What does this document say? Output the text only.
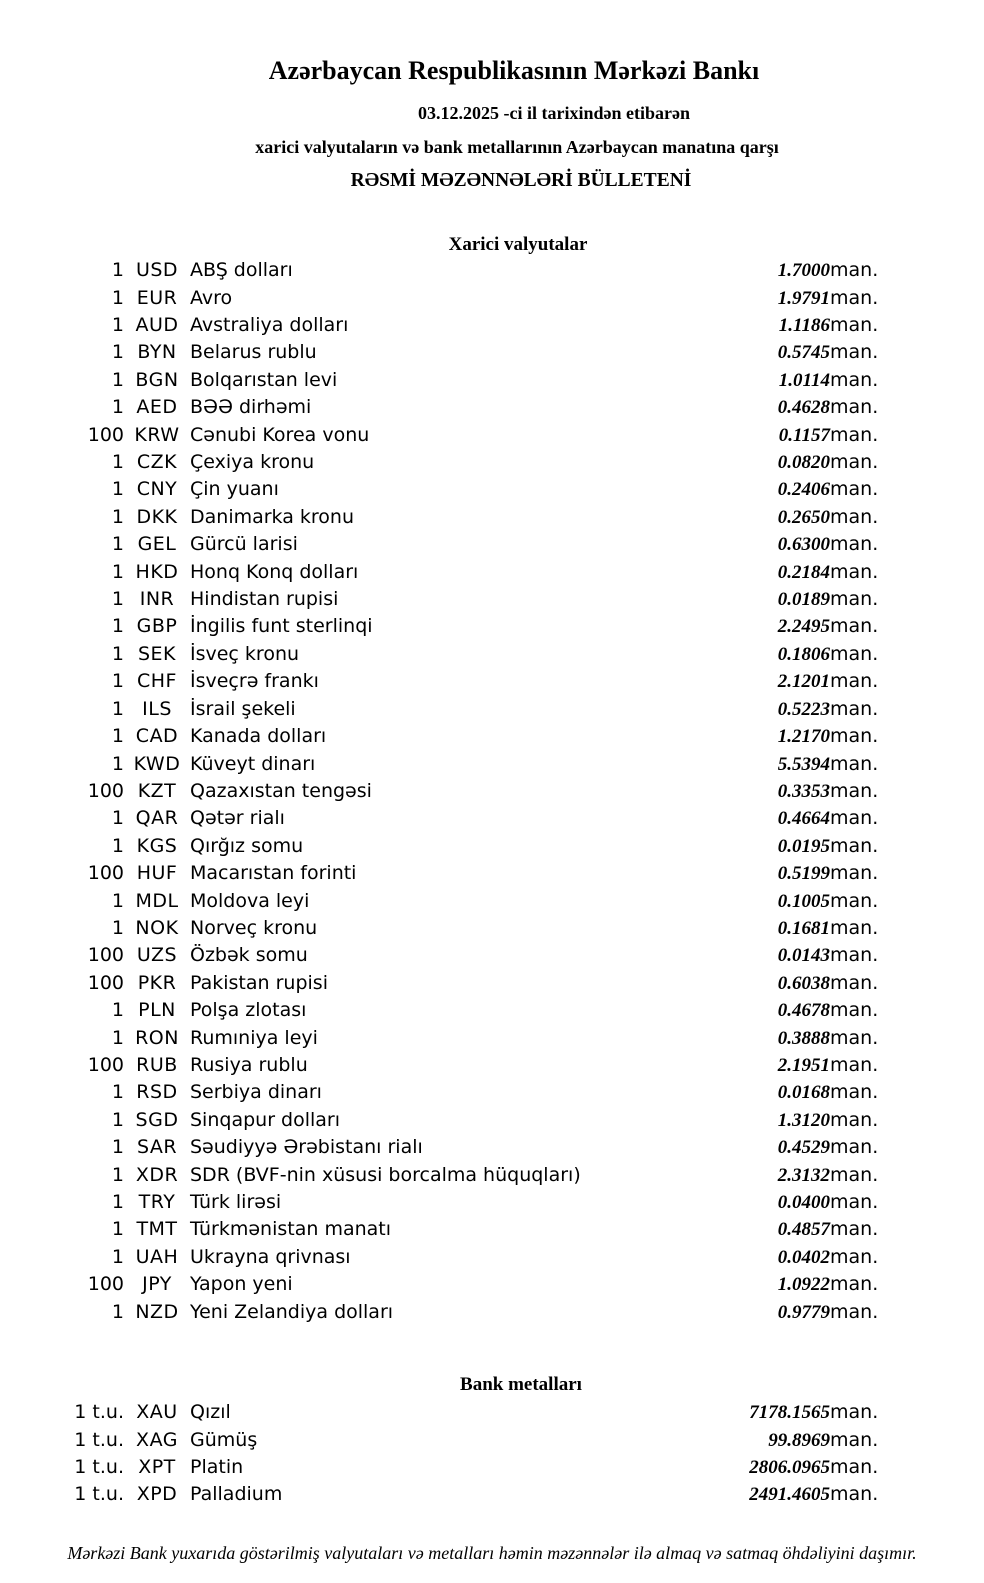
Azərbaycan Respublikasının Mərkəzi Bankı
03.12.2025 -ci il tarixindən etibarən
xarici valyutaların və bank metallarının Azərbaycan manatına qarşı
RƏSMİ MƏZƏNNƏLƏRİ BÜLLETENİ
Xarici valyutalar
1	USD	ABŞ dolları	1.7000	man.
1	EUR	Avro	1.9791	man.
1	AUD	Avstraliya dolları	1.1186	man.
1	BYN	Belarus rublu	0.5745	man.
1	BGN	Bolqarıstan levi	1.0114	man.
1	AED	BƏƏ dirhəmi	0.4628	man.
100	KRW	Cənubi Korea vonu	0.1157	man.
1	CZK	Çexiya kronu	0.0820	man.
1	CNY	Çin yuanı	0.2406	man.
1	DKK	Danimarka kronu	0.2650	man.
1	GEL	Gürcü larisi	0.6300	man.
1	HKD	Honq Konq dolları	0.2184	man.
1	INR	Hindistan rupisi	0.0189	man.
1	GBP	İngilis funt sterlinqi	2.2495	man.
1	SEK	İsveç kronu	0.1806	man.
1	CHF	İsveçrə frankı	2.1201	man.
1	ILS	İsrail şekeli	0.5223	man.
1	CAD	Kanada dolları	1.2170	man.
1	KWD	Küveyt dinarı	5.5394	man.
100	KZT	Qazaxıstan tengəsi	0.3353	man.
1	QAR	Qətər rialı	0.4664	man.
1	KGS	Qırğız somu	0.0195	man.
100	HUF	Macarıstan forinti	0.5199	man.
1	MDL	Moldova leyi	0.1005	man.
1	NOK	Norveç kronu	0.1681	man.
100	UZS	Özbək somu	0.0143	man.
100	PKR	Pakistan rupisi	0.6038	man.
1	PLN	Polşa zlotası	0.4678	man.
1	RON	Rumıniya leyi	0.3888	man.
100	RUB	Rusiya rublu	2.1951	man.
1	RSD	Serbiya dinarı	0.0168	man.
1	SGD	Sinqapur dolları	1.3120	man.
1	SAR	Səudiyyə Ərəbistanı rialı	0.4529	man.
1	XDR	SDR (BVF-nin xüsusi borcalma hüquqları)	2.3132	man.
1	TRY	Türk lirəsi	0.0400	man.
1	TMT	Türkmənistan manatı	0.4857	man.
1	UAH	Ukrayna qrivnası	0.0402	man.
100	JPY	Yapon yeni	1.0922	man.
1	NZD	Yeni Zelandiya dolları	0.9779	man.
Bank metalları
1 t.u.	XAU	Qızıl	7178.1565	man.
1 t.u.	XAG	Gümüş	99.8969	man.
1 t.u.	XPT	Platin	2806.0965	man.
1 t.u.	XPD	Palladium	2491.4605	man.
Mərkəzi Bank yuxarıda göstərilmiş valyutaları və metalları həmin məzənnələr ilə almaq və satmaq öhdəliyini daşımır.
